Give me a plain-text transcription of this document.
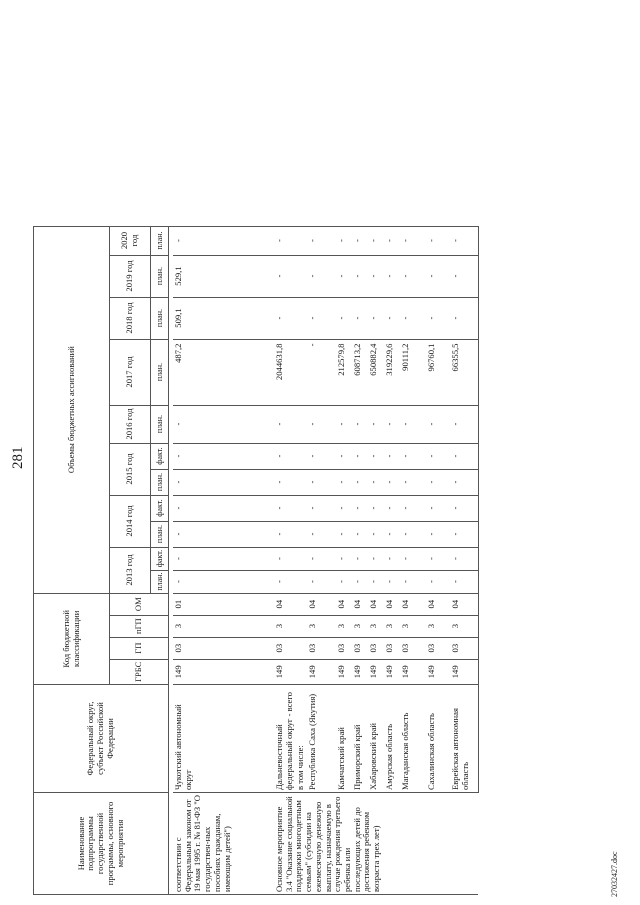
281
Наименование подпрограммы государственной программы, основного мероприятия	Федеральный округ, субъект Российской Федерации	Код бюджетной классификации				Объемы бюджетных ассигнований										
		ГРБС	ГП	пГП	ОМ	2013 год		2014 год		2015 год		2016 год	2017 год	2018 год	2019 год	2020 год
						план.	факт.	план.	факт.	план.	факт.	план.	план.	план.	план.	план.

соответствии с Федеральным законом от 19 мая 1995 г. № 81-ФЗ "О государствен-ных пособиях гражданам, имеющим детей")	Чукотский автономный округ	149	03	3	01	-	-	-	-	-	-	-	487,2	509,1	529,1	-
Основное мероприятие 3.4 "Оказание социальной поддержки многодетным семьям" (субсидии на ежемесячную денежную выплату, назначаемую в случае рождения третьего ребенка или последующих детей до достижения ребенком возраста трех лет)	Дальневосточный федеральный округ - всего	149	03	3	04	-	-	-	-	-	-	-	2044631,8	-	-	-
	в том числе:															
	Республика Саха (Якутия)	149	03	3	04	-	-	-	-	-	-	-	-	-	-	-
	Камчатский край	149	03	3	04	-	-	-	-	-	-	-	212579,8	-	-	-
	Приморский край	149	03	3	04	-	-	-	-	-	-	-	608713,2	-	-	-
	Хабаровский край	149	03	3	04	-	-	-	-	-	-	-	650882,4	-	-	-
	Амурская область	149	03	3	04	-	-	-	-	-	-	-	319229,6	-	-	-
	Магаданская область	149	03	3	04	-	-	-	-	-	-	-	90111,2	-	-	-
	Сахалинская область	149	03	3	04	-	-	-	-	-	-	-	96760,1	-	-	-
	Еврейская автономная область	149	03	3	04	-	-	-	-	-	-	-	66355,5	-	-	-
27032427.doc
